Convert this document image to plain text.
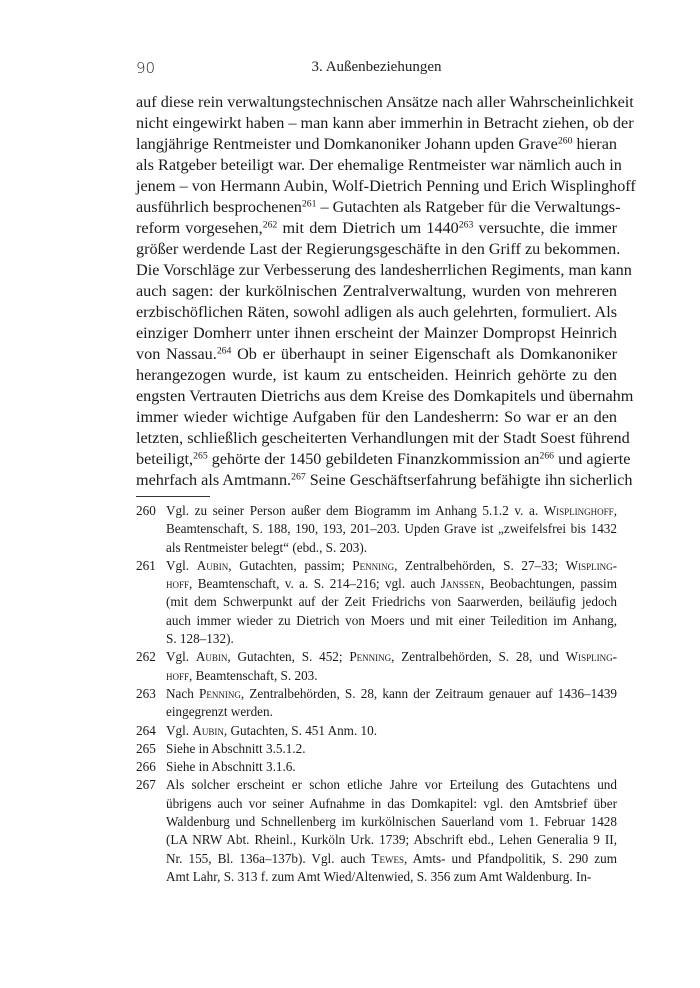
90	3. Außenbeziehungen
auf diese rein verwaltungstechnischen Ansätze nach aller Wahrscheinlichkeit
nicht eingewirkt haben – man kann aber immerhin in Betracht ziehen, ob der
langjährige Rentmeister und Domkanoniker Johann upden Grave$^{260}$ hieran
als Ratgeber beteiligt war. Der ehemalige Rentmeister war nämlich auch in
jenem – von Hermann Aubin, Wolf-Dietrich Penning und Erich Wisplinghoff
ausführlich besprochenen$^{261}$ – Gutachten als Ratgeber für die Verwaltungs-
reform vorgesehen,$^{262}$ mit dem Dietrich um 1440$^{263}$ versuchte, die immer
größer werdende Last der Regierungsgeschäfte in den Griff zu bekommen.
Die Vorschläge zur Verbesserung des landesherrlichen Regiments, man kann
auch sagen: der kurkölnischen Zentralverwaltung, wurden von mehreren
erzbischöflichen Räten, sowohl adligen als auch gelehrten, formuliert. Als
einziger Domherr unter ihnen erscheint der Mainzer Dompropst Heinrich
von Nassau.$^{264}$ Ob er überhaupt in seiner Eigenschaft als Domkanoniker
herangezogen wurde, ist kaum zu entscheiden. Heinrich gehörte zu den
engsten Vertrauten Dietrichs aus dem Kreise des Domkapitels und übernahm
immer wieder wichtige Aufgaben für den Landesherrn: So war er an den
letzten, schließlich gescheiterten Verhandlungen mit der Stadt Soest führend
beteiligt,$^{265}$ gehörte der 1450 gebildeten Finanzkommission $an^{266}$ und agierte
mehrfach als Amtmann.$^{267}$ Seine Geschäftserfahrung befähigte ihn sicherlich
260 Vgl. zu seiner Person außer dem Biogramm im Anhang 5.1.2 v. a. Wisplinghoff,
Beamtenschaft, S. 188, 190, 193, 201–203. Upden Grave ist „zweifelsfrei bis 1432
als Rentmeister belegt“ (ebd., S. 203).
261 Vgl. Aubin, Gutachten, passim; Penning, Zentralbehörden, S. 27–33; Wispling-
hoff, Beamtenschaft, v. a. S. 214–216; vgl. auch Janssen, Beobachtungen, passim
(mit dem Schwerpunkt auf der Zeit Friedrichs von Saarwerden, beiläufig jedoch
auch immer wieder zu Dietrich von Moers und mit einer Teiledition im Anhang,
S. 128–132).
262 Vgl. Aubin, Gutachten, S. 452; Penning, Zentralbehörden, S. 28, und Wispling-
hoff, Beamtenschaft, S. 203.
263 Nach Penning, Zentralbehörden, S. 28, kann der Zeitraum genauer auf 1436–1439
eingegrenzt werden.
264 Vgl. Aubin, Gutachten, S. 451 Anm. 10.
265 Siehe in Abschnitt 3.5.1.2.
266 Siehe in Abschnitt 3.1.6.
267 Als solcher erscheint er schon etliche Jahre vor Erteilung des Gutachtens und
übrigens auch vor seiner Aufnahme in das Domkapitel: vgl. den Amtsbrief über
Waldenburg und Schnellenberg im kurkölnischen Sauerland vom 1. Februar 1428
(LA NRW Abt. Rheinl., Kurköln Urk. 1739; Abschrift ebd., Lehen Generalia 9 II,
Nr. 155, Bl. 136a–137b). Vgl. auch Tewes, Amts- und Pfandpolitik, S. 290 zum
Amt Lahr, S. 313 f. zum Amt Wied/Altenwied, S. 356 zum Amt Waldenburg. In-
